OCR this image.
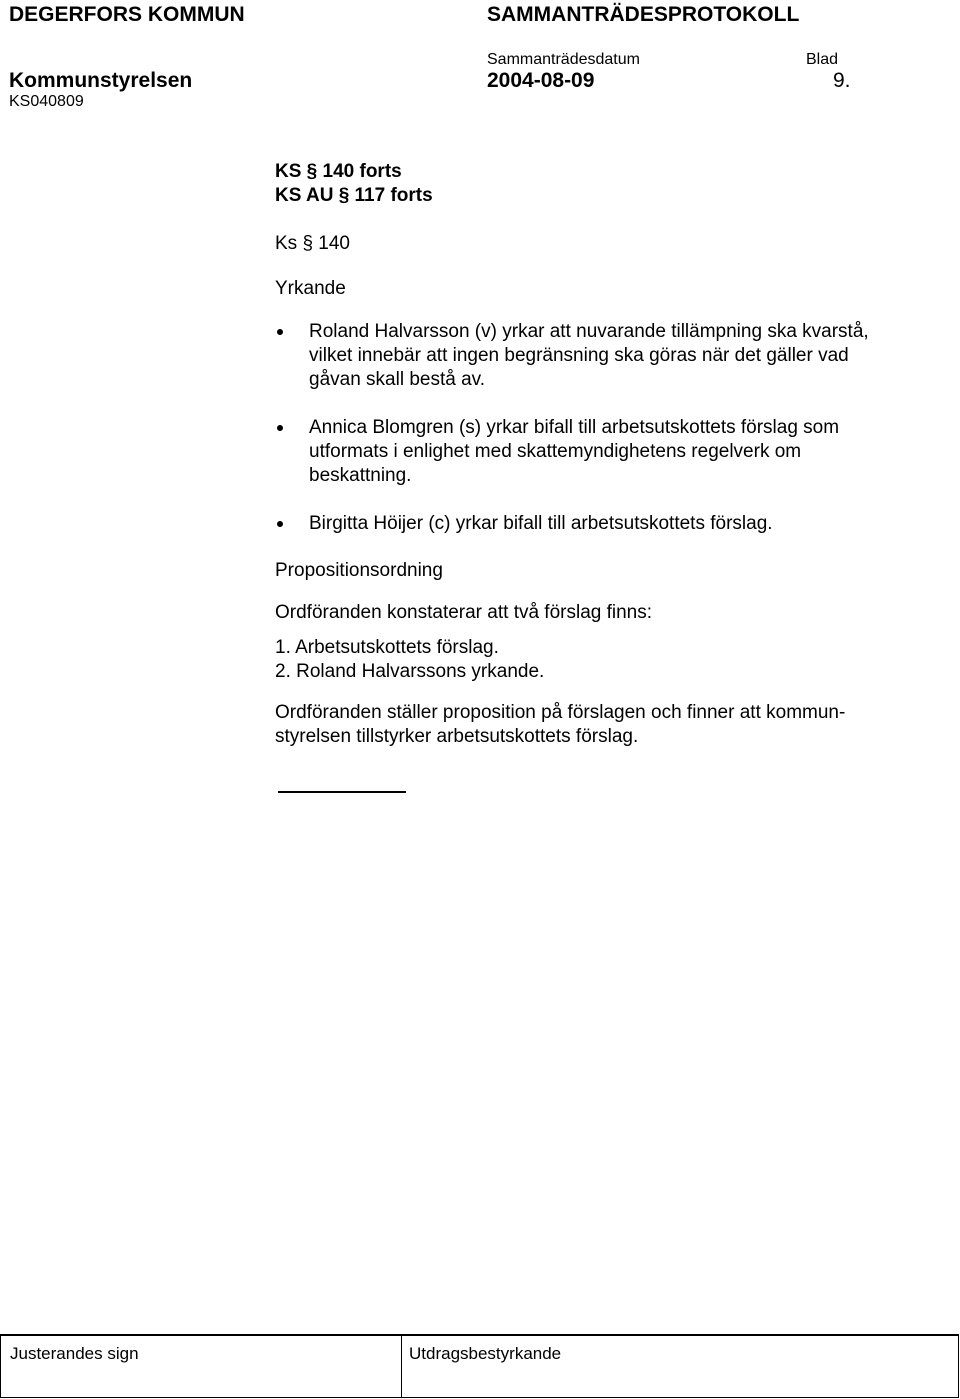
DEGERFORS KOMMUN	SAMMANTRÄDESPROTOKOLL
Sammanträdesdatum	Blad
Kommunstyrelsen	2004-08-09	9.
KS040809
KS § 140 forts
KS AU § 117 forts
Ks § 140
Yrkande
Roland Halvarsson (v) yrkar att nuvarande tillämpning ska kvarstå,
vilket innebär att ingen begränsning ska göras när det gäller vad
gåvan skall bestå av.
Annica Blomgren (s) yrkar bifall till arbetsutskottets förslag som
utformats i enlighet med skattemyndighetens regelverk om
beskattning.
Birgitta Höijer (c) yrkar bifall till arbetsutskottets förslag.
Propositionsordning
Ordföranden konstaterar att två förslag finns:
1. Arbetsutskottets förslag.
2. Roland Halvarssons yrkande.
Ordföranden ställer proposition på förslagen och finner att kommun-
styrelsen tillstyrker arbetsutskottets förslag.
Justerandes sign	Utdragsbestyrkande
